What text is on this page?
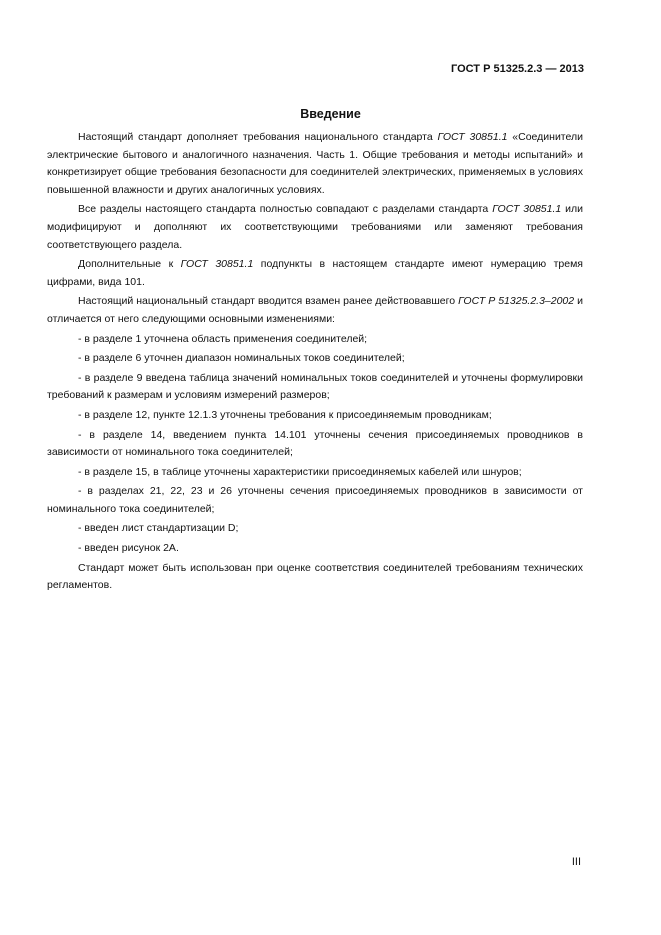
ГОСТ Р 51325.2.3 — 2013
Введение

Настоящий стандарт дополняет требования национального стандарта ГОСТ 30851.1 «Соединители электрические бытового и аналогичного назначения. Часть 1. Общие требования и методы испытаний» и конкретизирует общие требования безопасности для соединителей электрических, применяемых в условиях повышенной влажности и других аналогичных условиях.

Все разделы настоящего стандарта полностью совпадают с разделами стандарта ГОСТ 30851.1 или модифицируют и дополняют их соответствующими требованиями или заменяют требования соответствующего раздела.

Дополнительные к ГОСТ 30851.1 подпункты в настоящем стандарте имеют нумерацию тремя цифрами, вида 101.

Настоящий национальный стандарт вводится взамен ранее действовавшего ГОСТ Р 51325.2.3–2002 и отличается от него следующими основными изменениями:

- в разделе 1 уточнена область применения соединителей;

- в разделе 6 уточнен диапазон номинальных токов соединителей;

- в разделе 9 введена таблица значений номинальных токов соединителей и уточнены формулировки требований к размерам и условиям измерений размеров;

- в разделе 12, пункте 12.1.3 уточнены требования к присоединяемым проводникам;

- в разделе 14, введением пункта 14.101 уточнены сечения присоединяемых проводников в зависимости от номинального тока соединителей;

- в разделе 15, в таблице уточнены характеристики присоединяемых кабелей или шнуров;

- в разделах 21, 22, 23 и 26 уточнены сечения присоединяемых проводников в зависимости от номинального тока соединителей;

- введен лист стандартизации D;

- введен рисунок 2А.

Стандарт может быть использован при оценке соответствия соединителей требованиям технических регламентов.

III
